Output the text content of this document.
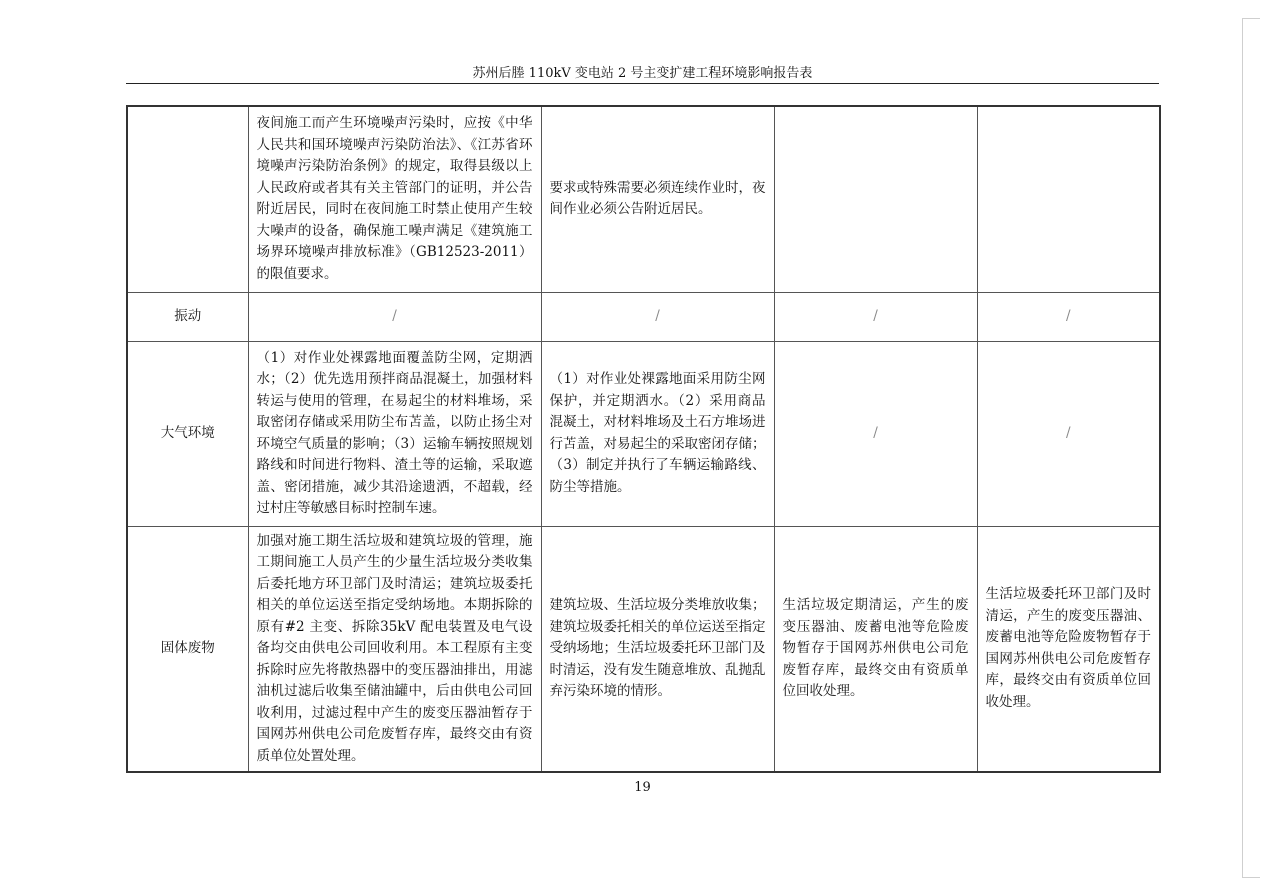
苏州后塍 110kV 变电站 2 号主变扩建工程环境影响报告表
	夜间施工而产生环境噪声污染时，应按《中华人民共和国环境噪声污染防治法》、《江苏省环境噪声污染防治条例》的规定，取得县级以上人民政府或者其有关主管部门的证明，并公告附近居民，同时在夜间施工时禁止使用产生较大噪声的设备，确保施工噪声满足《建筑施工场界环境噪声排放标准》（GB12523-2011）的限值要求。	要求或特殊需要必须连续作业时，夜间作业必须公告附近居民。		
振动	/	/	/	/
大气环境	（1）对作业处裸露地面覆盖防尘网，定期洒水；（2）优先选用预拌商品混凝土，加强材料转运与使用的管理，在易起尘的材料堆场，采取密闭存储或采用防尘布苫盖，以防止扬尘对环境空气质量的影响；（3）运输车辆按照规划路线和时间进行物料、渣土等的运输，采取遮盖、密闭措施，减少其沿途遗洒，不超载，经过村庄等敏感目标时控制车速。	（1）对作业处裸露地面采用防尘网保护，并定期洒水。（2）采用商品混凝土，对材料堆场及土石方堆场进行苫盖，对易起尘的采取密闭存储；（3）制定并执行了车辆运输路线、防尘等措施。	/	/
固体废物	加强对施工期生活垃圾和建筑垃圾的管理，施工期间施工人员产生的少量生活垃圾分类收集后委托地方环卫部门及时清运；建筑垃圾委托相关的单位运送至指定受纳场地。本期拆除的原有#2 主变、拆除35kV 配电装置及电气设备均交由供电公司回收利用。本工程原有主变拆除时应先将散热器中的变压器油排出，用滤油机过滤后收集至储油罐中，后由供电公司回收利用，过滤过程中产生的废变压器油暂存于国网苏州供电公司危废暂存库，最终交由有资质单位处置处理。	建筑垃圾、生活垃圾分类堆放收集；建筑垃圾委托相关的单位运送至指定受纳场地；生活垃圾委托环卫部门及时清运，没有发生随意堆放、乱抛乱弃污染环境的情形。	生活垃圾定期清运，产生的废变压器油、废蓄电池等危险废物暂存于国网苏州供电公司危废暂存库，最终交由有资质单位回收处理。	生活垃圾委托环卫部门及时清运，产生的废变压器油、废蓄电池等危险废物暂存于国网苏州供电公司危废暂存库，最终交由有资质单位回收处理。
19
